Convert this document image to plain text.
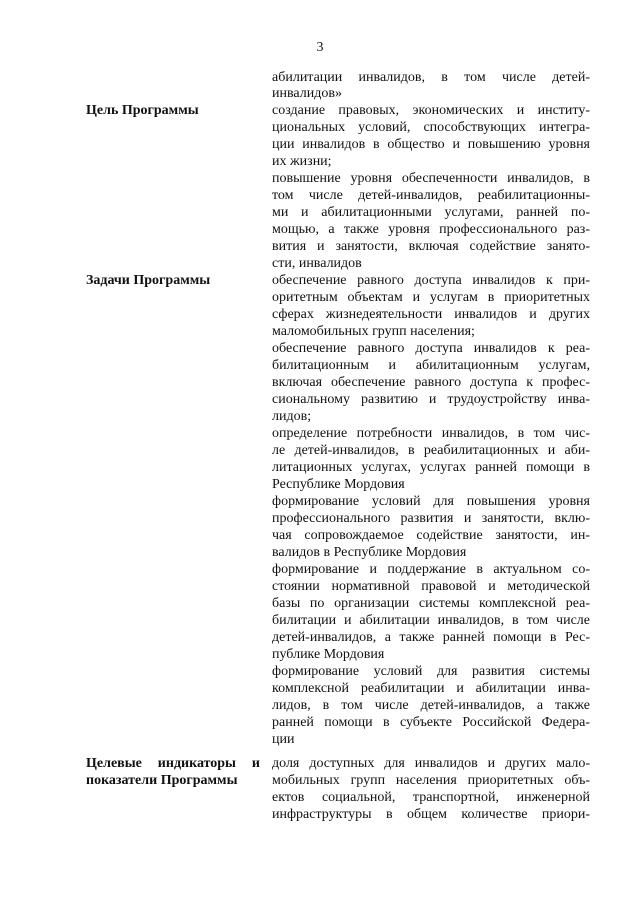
3
абилитации инвалидов, в том числе детей-
инвалидов»
Цель Программы	создание правовых, экономических и институ-
циональных условий, способствующих интегра-
ции инвалидов в общество и повышению уровня
их жизни;
повышение уровня обеспеченности инвалидов, в
том числе детей-инвалидов, реабилитационны-
ми и абилитационными услугами, ранней по-
мощью, а также уровня профессионального раз-
вития и занятости, включая содействие занято-
сти, инвалидов
Задачи Программы	обеспечение равного доступа инвалидов к при-
оритетным объектам и услугам в приоритетных
сферах жизнедеятельности инвалидов и других
маломобильных групп населения;
обеспечение равного доступа инвалидов к реа-
билитационным и абилитационным услугам,
включая обеспечение равного доступа к профес-
сиональному развитию и трудоустройству инва-
лидов;
определение потребности инвалидов, в том чис-
ле детей-инвалидов, в реабилитационных и аби-
литационных услугах, услугах ранней помощи в
Республике Мордовия
формирование условий для повышения уровня
профессионального развития и занятости, вклю-
чая сопровождаемое содействие занятости, ин-
валидов в Республике Мордовия
формирование и поддержание в актуальном со-
стоянии нормативной правовой и методической
базы по организации системы комплексной реа-
билитации и абилитации инвалидов, в том числе
детей-инвалидов, а также ранней помощи в Рес-
публике Мордовия
формирование условий для развития системы
комплексной реабилитации и абилитации инва-
лидов, в том числе детей-инвалидов, а также
ранней помощи в субъекте Российской Федера-
ции
Целевые индикаторы и
показатели Программы
доля доступных для инвалидов и других мало-
мобильных групп населения приоритетных объ-
ектов социальной, транспортной, инженерной
инфраструктуры в общем количестве приори-
